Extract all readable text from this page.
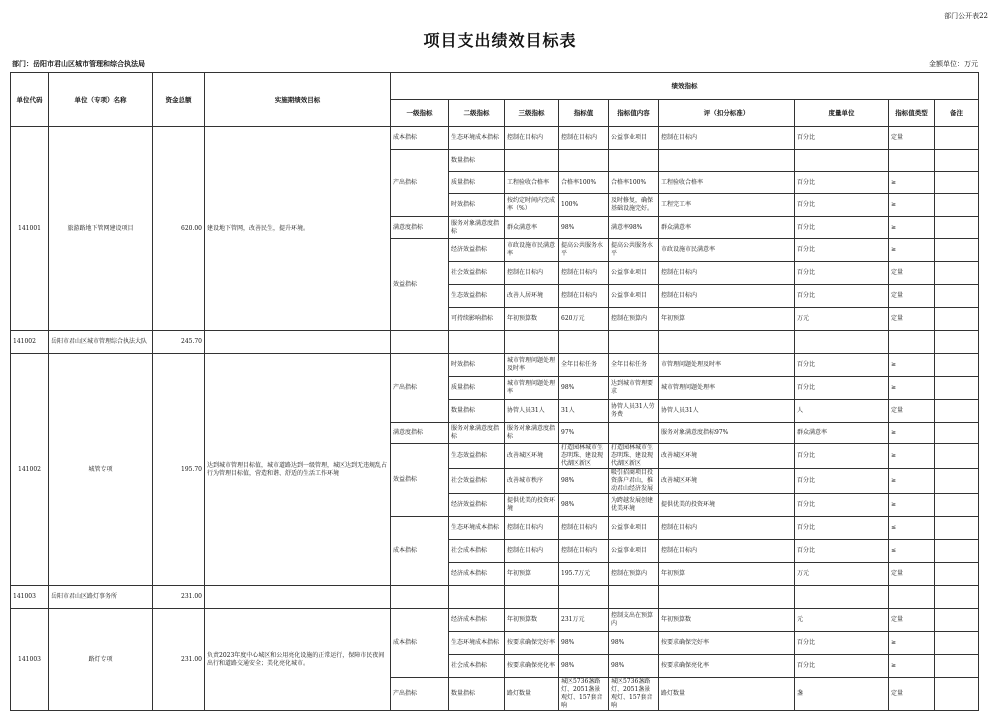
部门公开表22
项目支出绩效目标表
部门：岳阳市君山区城市管理和综合执法局	金额单位：万元
单位代码	单位（专项）名称	资金总额	实施期绩效目标	绩效指标								
				一级指标	二级指标	三级指标	指标值	指标值内容	评（扣分标准）	度量单位	指标值类型	备注
141001	旅游路地下管网建设项目	620.00	建设地下管网，改善民生，提升环境。	成本指标	生态环境成本指标	控制在目标内	控制在目标内	公益事业项目	控制在目标内	百分比	定量	
				产出指标	数量指标							
					质量指标	工程验收合格率	合格率100%	合格率100%	工程验收合格率	百分比	≥	
					时效指标	按约定时间内完成率（%）	100%	及时修复，确保基础设施完好。	工程完工率	百分比	≥	
				满意度指标	服务对象满意度指标	群众满意率	98%	满意率98%	群众满意率	百分比	≥	
				效益指标	经济效益指标	市政设施市民满意率	提高公共服务水平	提高公共服务水平	市政设施市民满意率	百分比	≥	
					社会效益指标	控制在目标内	控制在目标内	公益事业项目	控制在目标内	百分比	定量	
					生态效益指标	改善人居环境	控制在目标内	公益事业项目	控制在目标内	百分比	定量	
					可持续影响指标	年初预算数	620万元	控制在预算内	年初预算	万元	定量	
141002	岳阳市君山区城市管理综合执法大队	245.70										
141002	城管专项	195.70	达到城市管理目标值，城市道路达到一级管理，城区达到无违规乱占行为管理目标值，营造和谐、舒适的生活工作环境	产出指标	时效指标	城市管理问题处理及时率	全年目标任务	全年目标任务	市管理问题处理及时率	百分比	≥	
					质量指标	城市管理问题处理率	98%	达到城市管理要求	城市管理问题处理率	百分比	≥	
					数量指标	协管人员31人	31人	协管人员31人劳务费	协管人员31人	人	定量	
				满意度指标	服务对象满意度指标	服务对象满意度指标	97%		服务对象满意度指标97%	群众满意率	≥	
				效益指标	生态效益指标	改善城区环境	打造园林城市生态明珠、建设现代湖区新区	打造园林城市生态明珠、建设现代湖区新区	改善城区环境	百分比	≥	
					社会效益指标	改善城市秩序	98%	吸引招商项目投资落户君山，推动君山经济发展	改善城区环境	百分比	≥	
					经济效益指标	提供优美的投资环境	98%	为跨越发展创建优美环境	提供优美的投资环境	百分比	≥	
				成本指标	生态环境成本指标	控制在目标内	控制在目标内	公益事业项目	控制在目标内	百分比	≤	
					社会成本指标	控制在目标内	控制在目标内	公益事业项目	控制在目标内	百分比	≤	
					经济成本指标	年初预算	195.7万元	控制在预算内	年初预算	万元	定量	
141003	岳阳市君山区路灯事务所	231.00										
141003	路灯专项	231.00	负责2023年度中心城区和公用亮化设施的正常运行，保障市民夜间出行和道路交通安全；美化亮化城市。	成本指标	经济成本指标	年初预算数	231万元	控制支出在预算内	年初预算数	元	定量	
					生态环境成本指标	按要求确保完好率	98%	98%	按要求确保完好率	百分比	≥	
					社会成本指标	按要求确保亮化率	98%	98%	按要求确保亮化率	百分比	≥	
				产出指标	数量指标	路灯数量	城区5736盏路灯、2051盏景观灯、157套音响	城区5736盏路灯、2051盏景观灯、157套音响	路灯数量	盏	定量	
